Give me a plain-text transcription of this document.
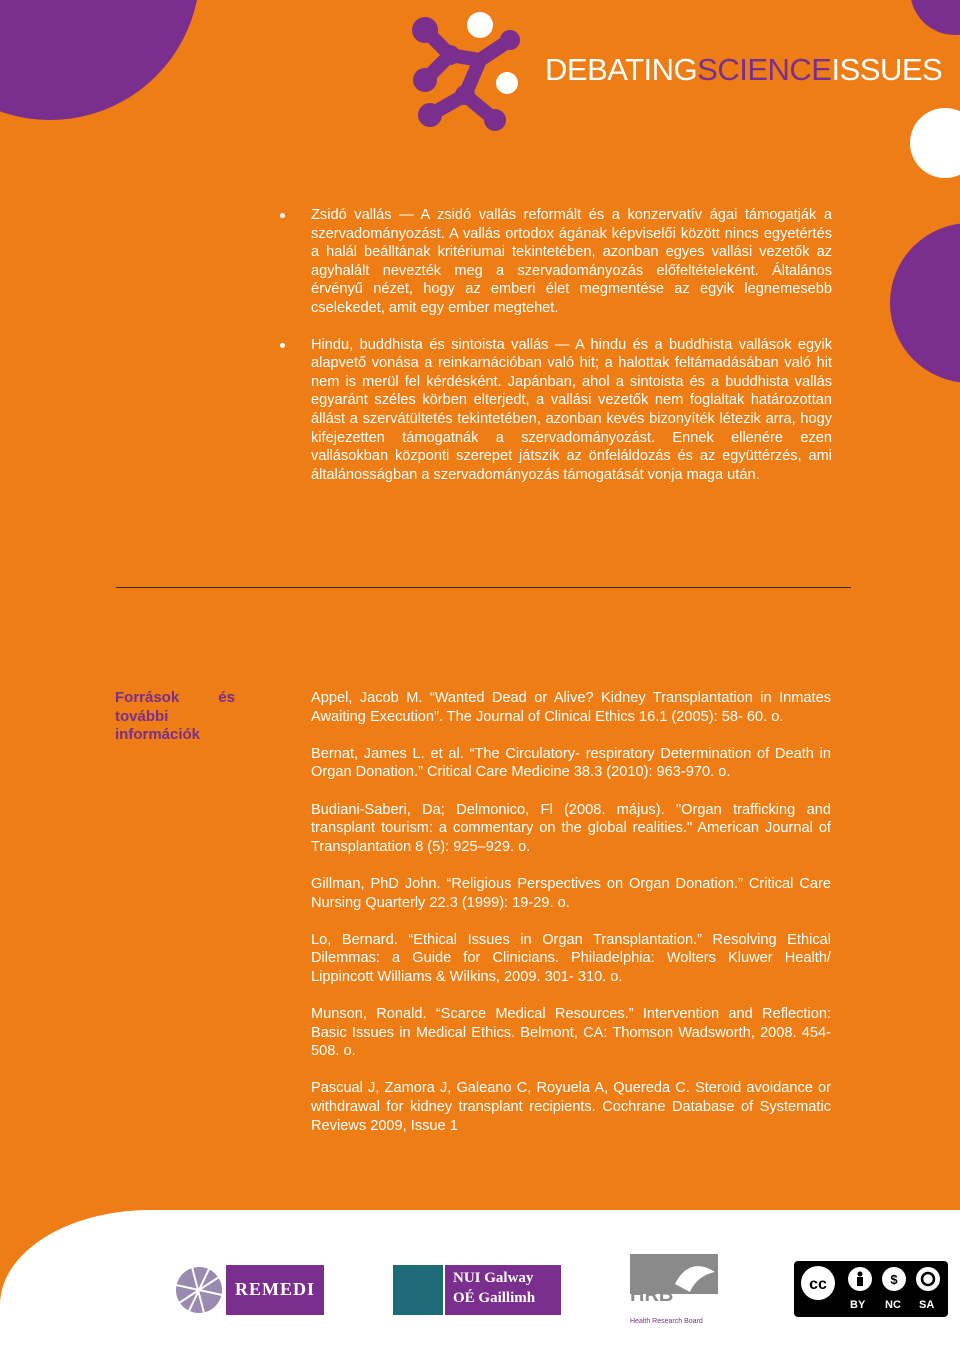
DEBATINGSCIENCEISSUES

Zsidó vallás — A zsidó vallás reformált és a konzervatív ágai támogatják a szervadományozást. A vallás ortodox ágának képviselői között nincs egyetértés a halál beálltának kritériumai tekintetében, azonban egyes vallási vezetők az agyhalált nevezték meg a szervadományozás előfeltételeként. Általános érvényű nézet, hogy az emberi élet megmentése az egyik legnemesebb cselekedet, amit egy ember megtehet.

Hindu, buddhista és sintoista vallás — A hindu és a buddhista vallások egyik alapvető vonása a reinkarnációban való hit; a halottak feltámadásában való hit nem is merül fel kérdésként. Japánban, ahol a sintoista és a buddhista vallás egyaránt széles körben elterjedt, a vallási vezetők nem foglaltak határozottan állást a szervátültetés tekintetében, azonban kevés bizonyíték létezik arra, hogy kifejezetten támogatnák a szervadományozást. Ennek ellenére ezen vallásokban központi szerepet játszik az önfeláldozás és az együttérzés, ami általánosságban a szervadományozás támogatását vonja maga után.

Források és
további
információk

Appel, Jacob M. “Wanted Dead or Alive? Kidney Transplantation in Inmates Awaiting Execution”. The Journal of Clinical Ethics 16.1 (2005): 58- 60. o.

Bernat, James L. et al. “The Circulatory- respiratory Determination of Death in Organ Donation.” Critical Care Medicine 38.3 (2010): 963-970. o.

Budiani-Saberi, Da; Delmonico, Fl (2008. május). "Organ trafficking and transplant tourism: a commentary on the global realities." American Journal of Transplantation 8 (5): 925–929. o.

Gillman, PhD John. “Religious Perspectives on Organ Donation.” Critical Care Nursing Quarterly 22.3 (1999): 19-29. o.

Lo, Bernard. “Ethical Issues in Organ Transplantation.” Resolving Ethical Dilemmas: a Guide for Clinicians. Philadelphia: Wolters Kluwer Health/ Lippincott Williams & Wilkins, 2009. 301- 310. o.

Munson, Ronald. “Scarce Medical Resources.” Intervention and Reflection: Basic Issues in Medical Ethics. Belmont, CA: Thomson Wadsworth, 2008. 454-508. o.

Pascual J, Zamora J, Galeano C, Royuela A, Quereda C. Steroid avoidance or withdrawal for kidney transplant recipients. Cochrane Database of Systematic Reviews 2009, Issue 1

REMEDI
NUI Galway
OÉ Gaillimh	HRB
Health Research Board
cc	$
BY NC SA
